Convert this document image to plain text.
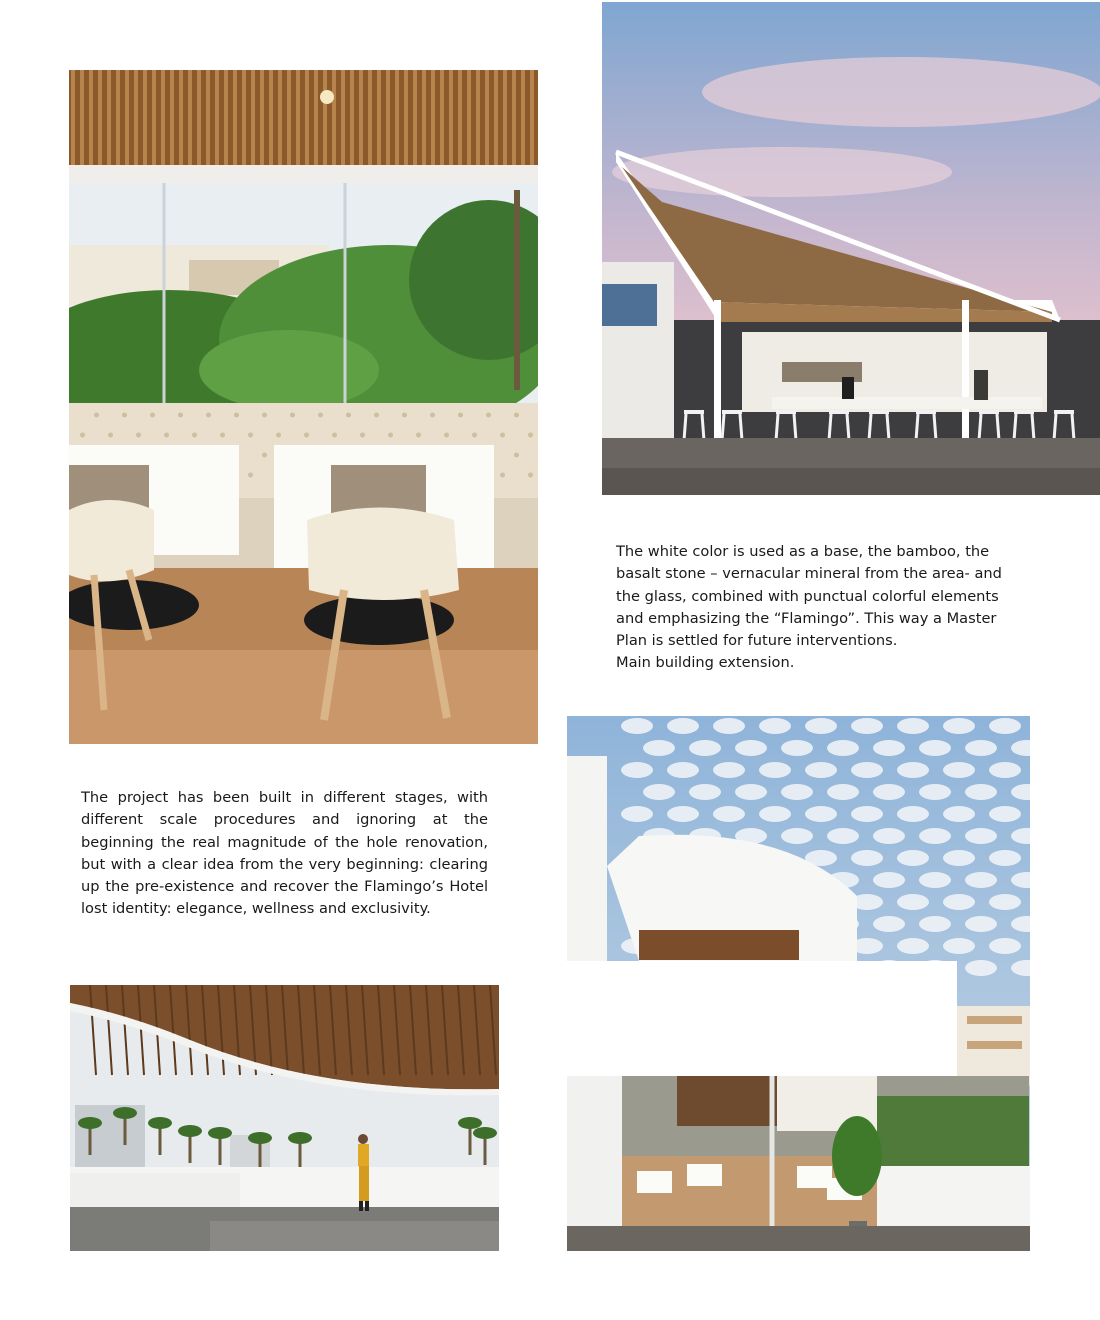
The white color is used as a base, the bamboo, the basalt stone – vernacular mineral from the area- and the glass, combined with punctual colorful elements and emphasizing the “Flamingo”. This way a Master Plan is settled for future interventions.

Main building extension.

The project has been built in different stages, with different scale procedures and ignoring at the beginning the real magnitude of the hole renovation, but with a clear idea from the very beginning: clearing up the pre-existence and recover the Flamingo’s Hotel lost identity: elegance, wellness and exclusivity.
